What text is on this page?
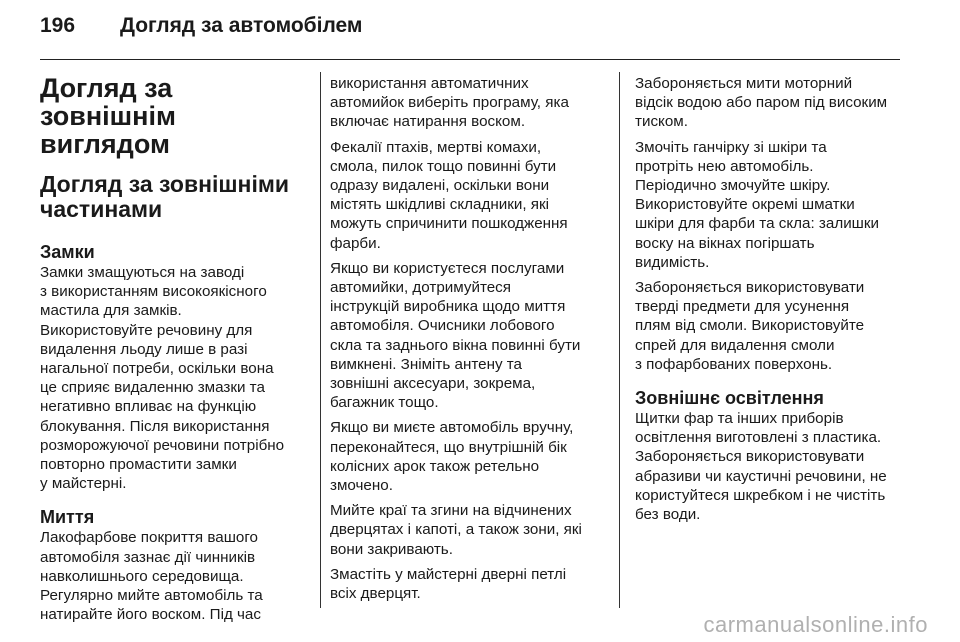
196	Догляд за автомобілем
Догляд за зовнішнім
виглядом
Догляд за зовнішніми
частинами
Замки

Замки змащуються на заводі
з використанням високоякісного
мастила для замків.
Використовуйте речовину для
видалення льоду лише в разі
нагальної потреби, оскільки вона
це сприяє видаленню змазки та
негативно впливає на функцію
блокування. Після використання
розморожуючої речовини потрібно
повторно промастити замки
у майстерні.

Миття

Лакофарбове покриття вашого
автомобіля зазнає дії чинників
навколишнього середовища.
Регулярно мийте автомобіль та
натирайте його воском. Під час

використання автоматичних
автомийок виберіть програму, яка
включає натирання воском.

Фекалії птахів, мертві комахи,
смола, пилок тощо повинні бути
одразу видалені, оскільки вони
містять шкідливі складники, які
можуть спричинити пошкодження
фарби.

Якщо ви користуєтеся послугами
автомийки, дотримуйтеся
інструкцій виробника щодо миття
автомобіля. Очисники лобового
скла та заднього вікна повинні бути
вимкнені. Зніміть антену та
зовнішні аксесуари, зокрема,
багажник тощо.

Якщо ви миєте автомобіль вручну,
переконайтеся, що внутрішній бік
колісних арок також ретельно
змочено.

Мийте краї та згини на відчинених
дверцятах і капоті, а також зони, які
вони закривають.

Змастіть у майстерні дверні петлі
всіх дверцят.

Забороняється мити моторний
відсік водою або паром під високим
тиском.

Змочіть ганчірку зі шкіри та
протріть нею автомобіль.
Періодично змочуйте шкіру.
Використовуйте окремі шматки
шкіри для фарби та скла: залишки
воску на вікнах погіршать
видимість.

Забороняється використовувати
тверді предмети для усунення
плям від смоли. Використовуйте
спрей для видалення смоли
з пофарбованих поверхонь.

Зовнішнє освітлення

Щитки фар та інших приборів
освітлення виготовлені з пластика.
Забороняється використовувати
абразиви чи каустичні речовини, не
користуйтеся шкребком і не чистіть
без води.

carmanualsonline.info
